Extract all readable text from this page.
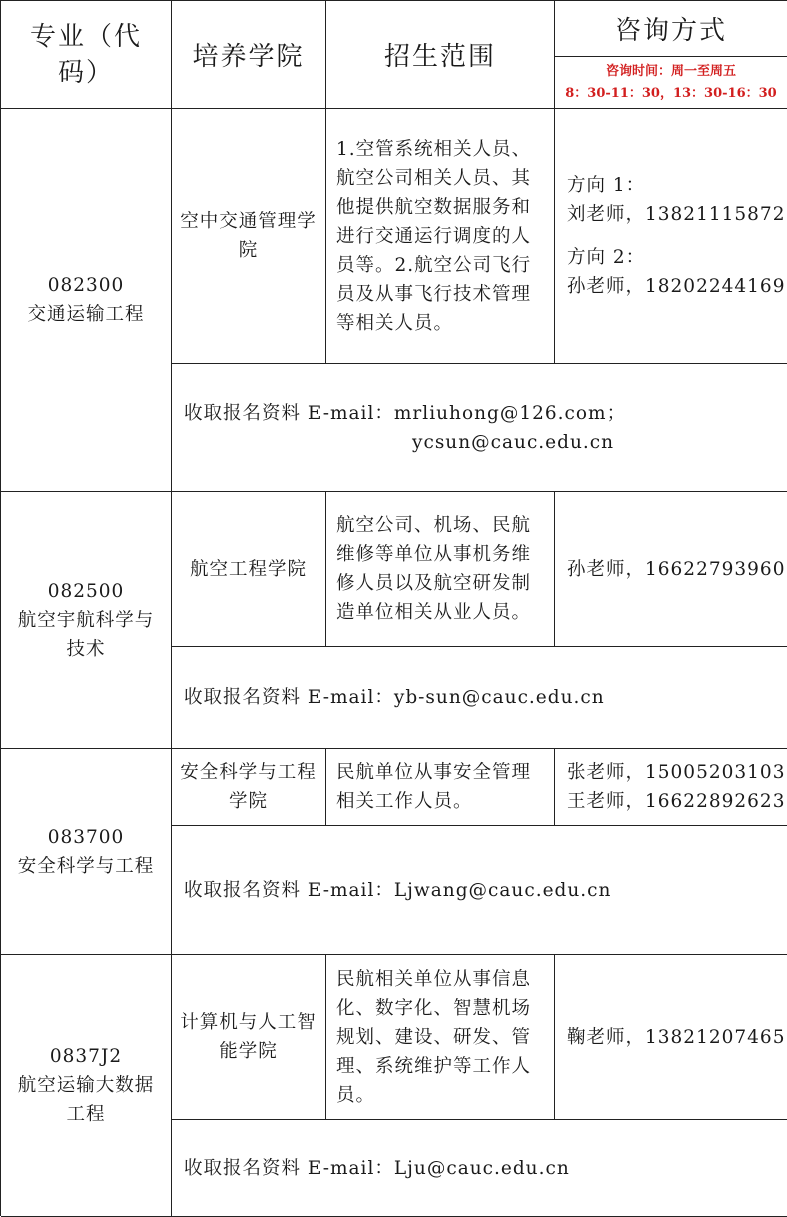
专业（代码）
培养学院	招生范围
咨询方式
咨询时间：周一至周五
8：30-11：30，13：30-16：30
082300
交通运输工程
空中交通管理学院
1.空管系统相关人员、航空公司相关人员、其他提供航空数据服务和进行交通运行调度的人员等。2.航空公司飞行员及从事飞行技术管理等相关人员。
方向 1：
刘老师，13821115872
方向 2：
孙老师，18202244169
收取报名资料 E-mail：mrliuhong@126.com；
ycsun@cauc.edu.cn
082500
航空宇航科学与技术
航空工程学院
航空公司、机场、民航维修等单位从事机务维修人员以及航空研发制造单位相关从业人员。
孙老师，16622793960
收取报名资料 E-mail：yb-sun@cauc.edu.cn
083700
安全科学与工程
安全科学与工程学院
民航单位从事安全管理相关工作人员。
张老师，15005203103
王老师，16622892623
收取报名资料 E-mail：Ljwang@cauc.edu.cn
0837J2
航空运输大数据工程
计算机与人工智能学院
民航相关单位从事信息化、数字化、智慧机场规划、建设、研发、管理、系统维护等工作人员。
鞠老师，13821207465
收取报名资料 E-mail：Lju@cauc.edu.cn
